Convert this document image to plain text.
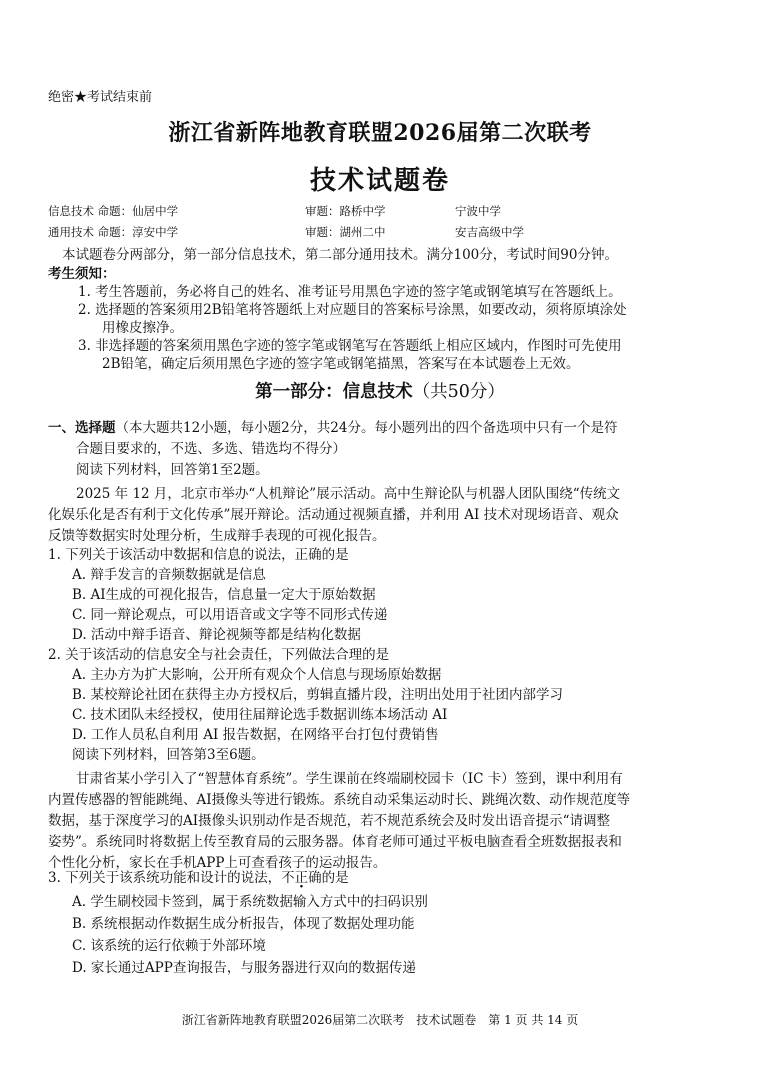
绝密★考试结束前
浙江省新阵地教育联盟2026届第二次联考
技术试题卷
信息技术 命题：仙居中学	审题：路桥中学	宁波中学
通用技术 命题：淳安中学	审题：湖州二中	安吉高级中学
本试题卷分两部分，第一部分信息技术，第二部分通用技术。满分100分，考试时间90分钟。
考生须知：
1. 考生答题前，务必将自己的姓名、准考证号用黑色字迹的签字笔或钢笔填写在答题纸上。
2. 选择题的答案须用2B铅笔将答题纸上对应题目的答案标号涂黑，如要改动，须将原填涂处
用橡皮擦净。
3. 非选择题的答案须用黑色字迹的签字笔或钢笔写在答题纸上相应区域内，作图时可先使用
2B铅笔，确定后须用黑色字迹的签字笔或钢笔描黑，答案写在本试题卷上无效。
第一部分：信息技术（共50分）
一、选择题（本大题共12小题，每小题2分，共24分。每小题列出的四个备选项中只有一个是符
合题目要求的，不选、多选、错选均不得分）
阅读下列材料，回答第1至2题。
2025 年 12 月，北京市举办“人机辩论”展示活动。高中生辩论队与机器人团队围绕“传统文
化娱乐化是否有利于文化传承”展开辩论。活动通过视频直播，并利用 AI 技术对现场语音、观众
反馈等数据实时处理分析，生成辩手表现的可视化报告。
1. 下列关于该活动中数据和信息的说法，正确的是
A. 辩手发言的音频数据就是信息
B. AI生成的可视化报告，信息量一定大于原始数据
C. 同一辩论观点，可以用语音或文字等不同形式传递
D. 活动中辩手语音、辩论视频等都是结构化数据
2. 关于该活动的信息安全与社会责任，下列做法合理的是
A. 主办方为扩大影响，公开所有观众个人信息与现场原始数据
B. 某校辩论社团在获得主办方授权后，剪辑直播片段，注明出处用于社团内部学习
C. 技术团队未经授权，使用往届辩论选手数据训练本场活动 AI
D. 工作人员私自利用 AI 报告数据，在网络平台打包付费销售
阅读下列材料，回答第3至6题。
甘肃省某小学引入了“智慧体育系统”。学生课前在终端刷校园卡（IC 卡）签到，课中利用有
内置传感器的智能跳绳、AI摄像头等进行锻炼。系统自动采集运动时长、跳绳次数、动作规范度等
数据，基于深度学习的AI摄像头识别动作是否规范，若不规范系统会及时发出语音提示“请调整
姿势”。系统同时将数据上传至教育局的云服务器。体育老师可通过平板电脑查看全班数据报表和
个性化分析，家长在手机APP上可查看孩子的运动报告。
3. 下列关于该系统功能和设计的说法，不正确的是
A. 学生刷校园卡签到，属于系统数据输入方式中的扫码识别
B. 系统根据动作数据生成分析报告，体现了数据处理功能
C. 该系统的运行依赖于外部环境
D. 家长通过APP查询报告，与服务器进行双向的数据传递
浙江省新阵地教育联盟2026届第二次联考　技术试题卷　第 1 页 共 14 页
